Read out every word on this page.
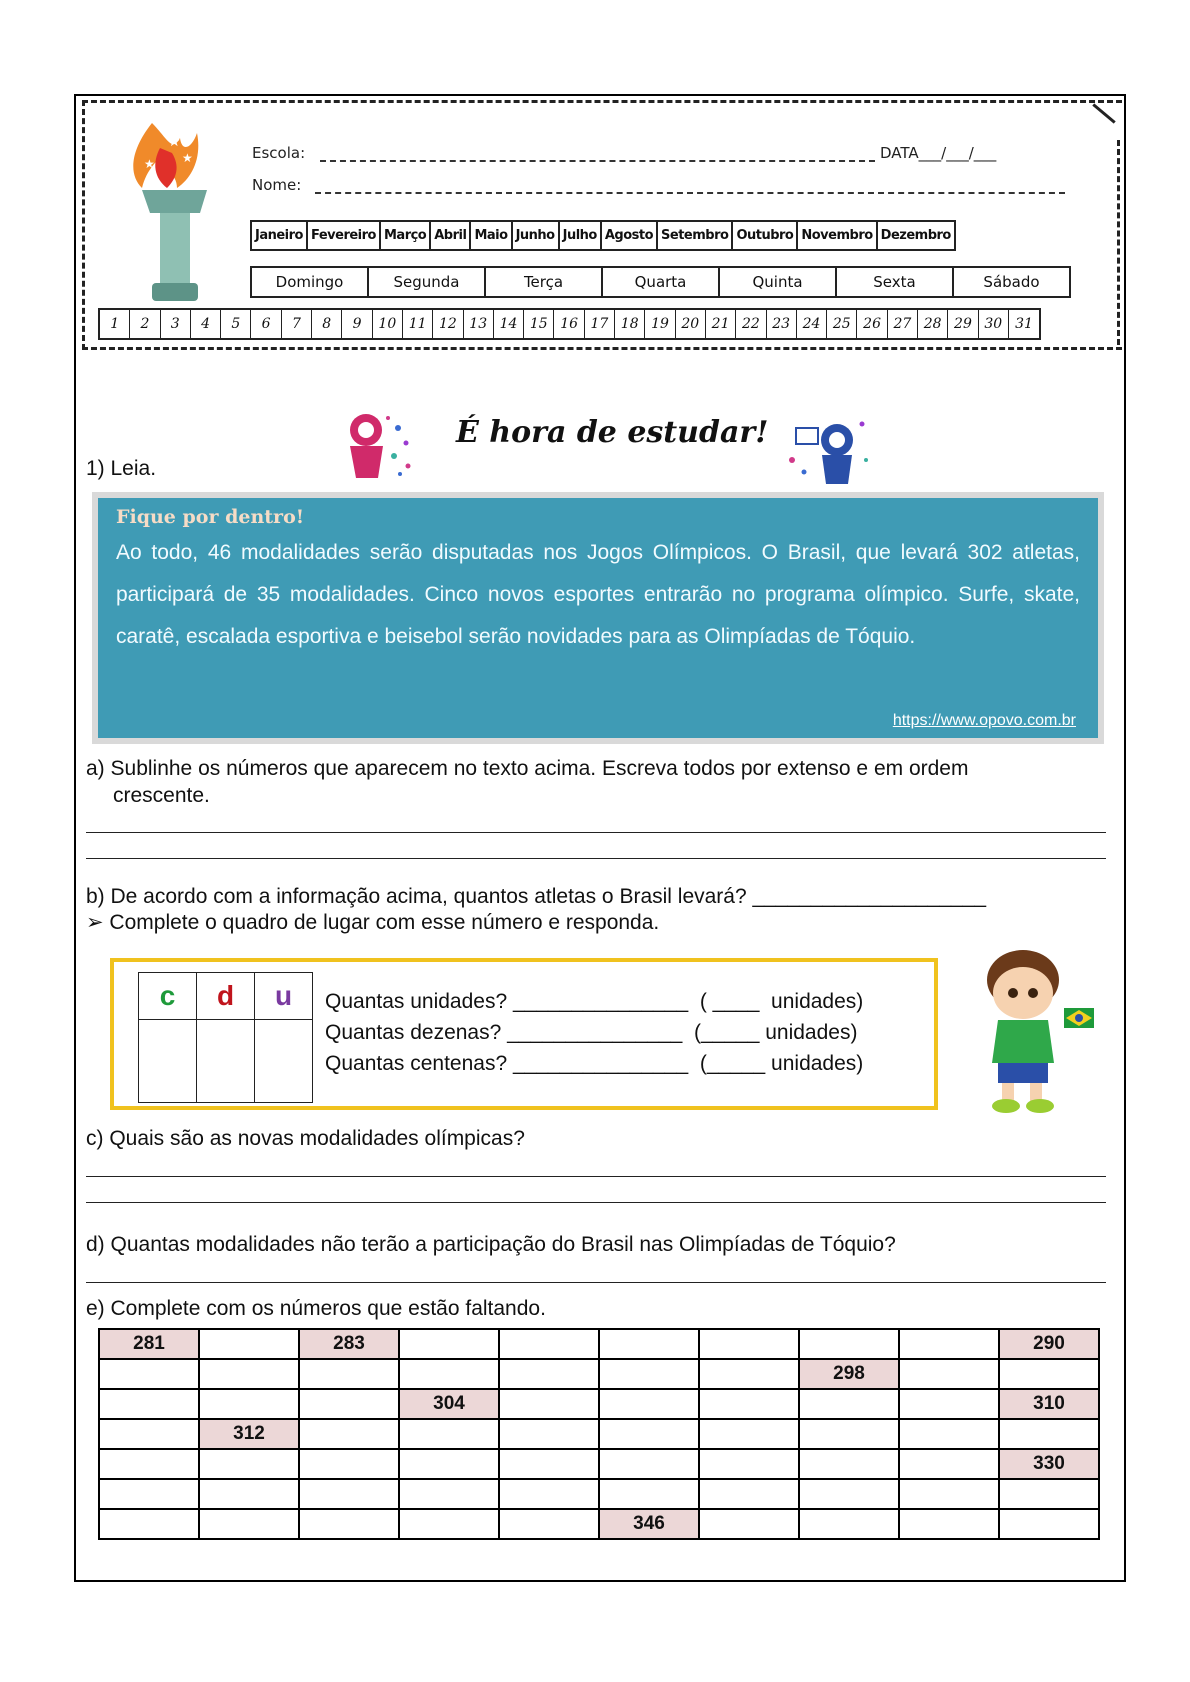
★
★
★
Escola:	DATA___/___/___
Nome:
Janeiro Fevereiro Março Abril Maio Junho Julho Agosto Setembro Outubro Novembro Dezembro
Domingo	Segunda	Terça	Quarta	Quinta	Sexta	Sábado
1	2	3	4	5	6	7	8	9	10 11 12 13 14 15 16 17 18 19 20 21 22 23 24 25 26 27 28 29 30 31
É hora de estudar!
1) Leia.
Fique por dentro!

Ao todo, 46 modalidades serão disputadas nos Jogos Olímpicos. O Brasil, que levará 302 atletas, participará de 35 modalidades. Cinco novos esportes entrarão no programa olímpico. Surfe, skate, caratê, escalada esportiva e beisebol serão novidades para as Olimpíadas de Tóquio.

https://www.opovo.com.br
a) Sublinhe os números que aparecem no texto acima. Escreva todos por extenso e em ordem
crescente.
b) De acordo com a informação acima, quantos atletas o Brasil levará? ____________________
➢ Complete o quadro de lugar com esse número e responda.
c	d	u
		Quantas unidades? _______________  ( ____  unidades)
Quantas dezenas? _______________  (_____ unidades)
Quantas centenas? _______________  (_____ unidades)
c) Quais são as novas modalidades olímpicas?
d) Quantas modalidades não terão a participação do Brasil nas Olimpíadas de Tóquio?
e) Complete com os números que estão faltando.
281		283							290
							298		
			304						310
	312								
									330

					346				
